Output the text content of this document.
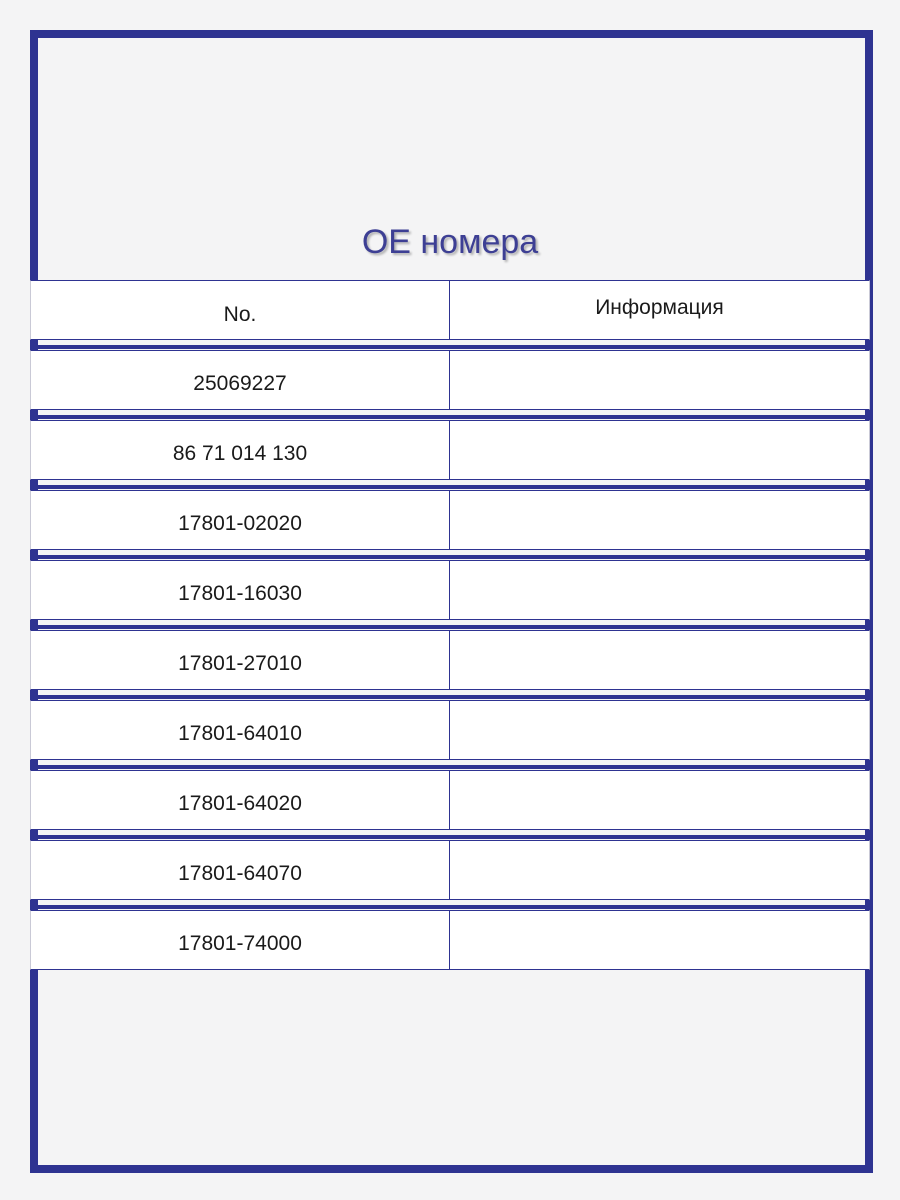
OE номера
No.	Информация
25069227
86 71 014 130
17801-02020
17801-16030
17801-27010
17801-64010
17801-64020
17801-64070
17801-74000
